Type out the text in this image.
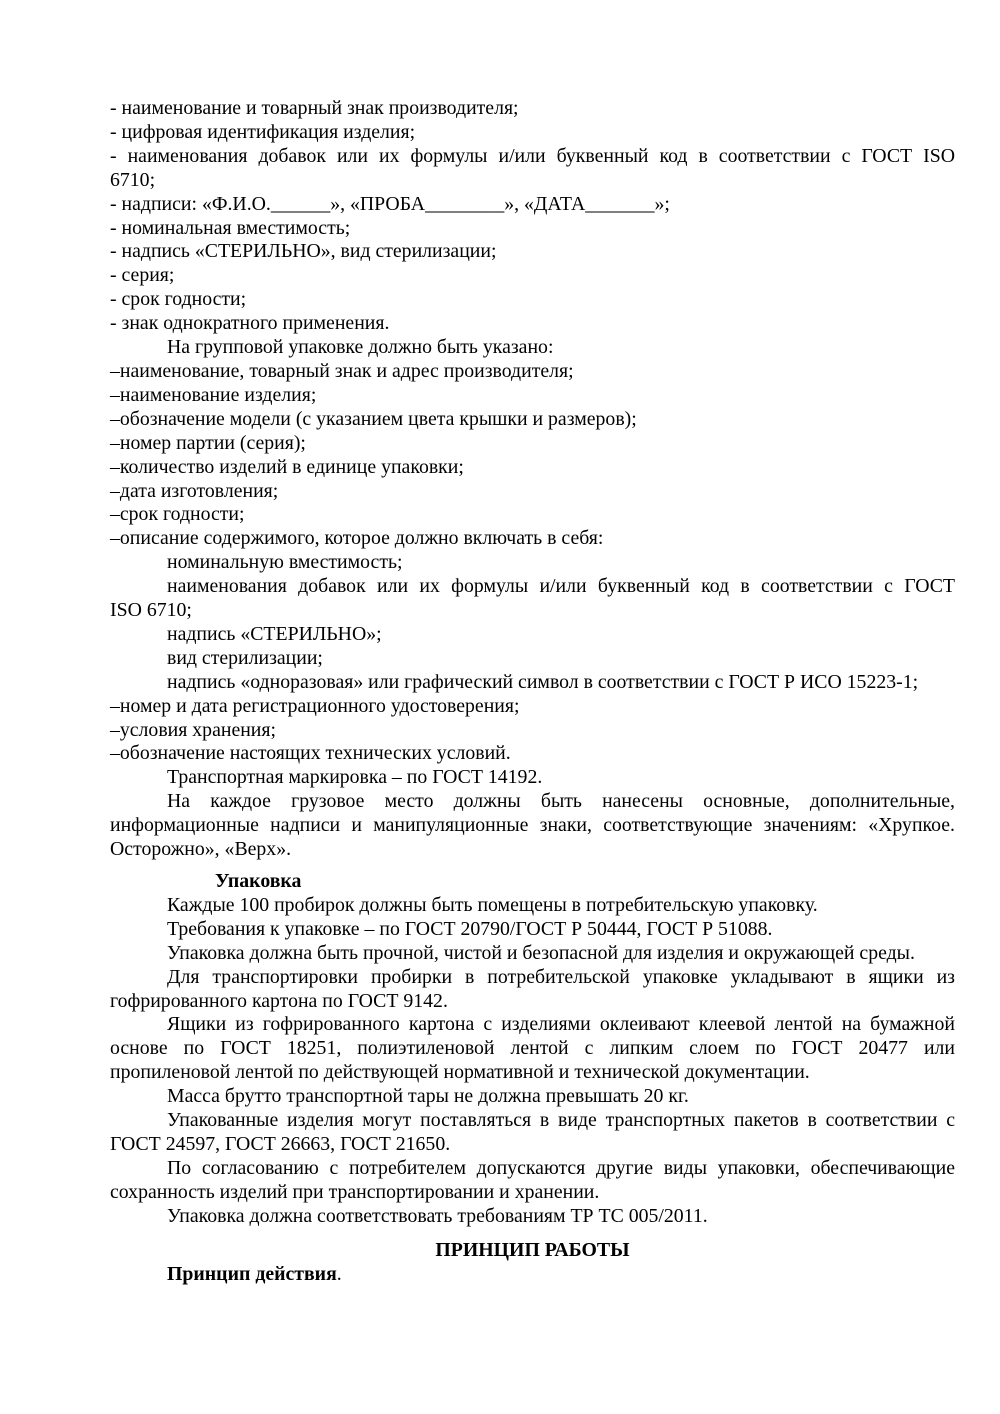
- наименование и товарный знак производителя;
- цифровая идентификация изделия;
- наименования добавок или их формулы и/или буквенный код в соответствии с ГОСТ ISO
6710;
- надписи: «Ф.И.О.______», «ПРОБА________», «ДАТА_______»;
- номинальная вместимость;
- надпись «СТЕРИЛЬНО», вид стерилизации;
- серия;
- срок годности;
- знак однократного применения.
На групповой упаковке должно быть указано:
–наименование, товарный знак и адрес производителя;
–наименование изделия;
–обозначение модели (с указанием цвета крышки и размеров);
–номер партии (серия);
–количество изделий в единице упаковки;
–дата изготовления;
–срок годности;
–описание содержимого, которое должно включать в себя:
номинальную вместимость;
наименования добавок или их формулы и/или буквенный код в соответствии с ГОСТ
ISO 6710;
надпись «СТЕРИЛЬНО»;
вид стерилизации;
надпись «одноразовая» или графический символ в соответствии с ГОСТ Р ИСО 15223-1;
–номер и дата регистрационного удостоверения;
–условия хранения;
–обозначение настоящих технических условий.
Транспортная маркировка – по ГОСТ 14192.
На каждое грузовое место должны быть нанесены основные, дополнительные,
информационные надписи и манипуляционные знаки, соответствующие значениям: «Хрупкое.
Осторожно», «Верх».
Упаковка
Каждые 100 пробирок должны быть помещены в потребительскую упаковку.
Требования к упаковке – по ГОСТ 20790/ГОСТ Р 50444, ГОСТ Р 51088.
Упаковка должна быть прочной, чистой и безопасной для изделия и окружающей среды.
Для транспортировки пробирки в потребительской упаковке укладывают в ящики из
гофрированного картона по ГОСТ 9142.
Ящики из гофрированного картона с изделиями оклеивают клеевой лентой на бумажной
основе по ГОСТ 18251, полиэтиленовой лентой с липким слоем по ГОСТ 20477 или
пропиленовой лентой по действующей нормативной и технической документации.
Масса брутто транспортной тары не должна превышать 20 кг.
Упакованные изделия могут поставляться в виде транспортных пакетов в соответствии с
ГОСТ 24597, ГОСТ 26663, ГОСТ 21650.
По согласованию с потребителем допускаются другие виды упаковки, обеспечивающие
сохранность изделий при транспортировании и хранении.
Упаковка должна соответствовать требованиям ТР ТС 005/2011.
ПРИНЦИП РАБОТЫ
Принцип действия.
